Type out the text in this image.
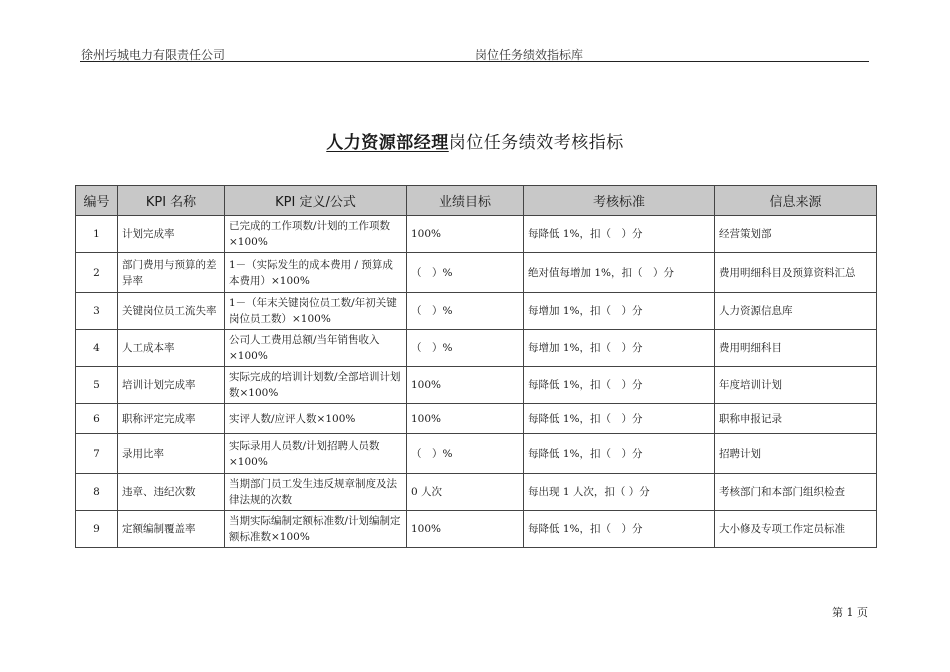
徐州圬城电力有限责任公司	岗位任务绩效指标库
人力资源部经理岗位任务绩效考核指标
编号	KPI 名称	KPI 定义/公式	业绩目标	考核标准	信息来源
1	计划完成率	已完成的工作项数/计划的工作项数×100%	100%	每降低 1%，扣（　）分	经营策划部
2	部门费用与预算的差异率	1－（实际发生的成本费用 / 预算成本费用）×100%	（　）%	绝对值每增加 1%，扣（　）分	费用明细科目及预算资料汇总
3	关键岗位员工流失率	1－（年末关键岗位员工数/年初关键岗位员工数）×100%	（　）%	每增加 1%，扣（　）分	人力资源信息库
4	人工成本率	公司人工费用总额/当年销售收入×100%	（　）%	每增加 1%，扣（　）分	费用明细科目
5	培训计划完成率	实际完成的培训计划数/全部培训计划数×100%	100%	每降低 1%，扣（　）分	年度培训计划
6	职称评定完成率	实评人数/应评人数×100%	100%	每降低 1%，扣（　）分	职称申报记录
7	录用比率	实际录用人员数/计划招聘人员数×100%	（　）%	每降低 1%，扣（　）分	招聘计划
8	违章、违纪次数	当期部门员工发生违反规章制度及法律法规的次数	0 人次	每出现 1 人次，扣（ ）分	考核部门和本部门组织检查
9	定额编制覆盖率	当期实际编制定额标准数/计划编制定额标准数×100%	100%	每降低 1%，扣（　）分	大小修及专项工作定员标准
第 1 页
